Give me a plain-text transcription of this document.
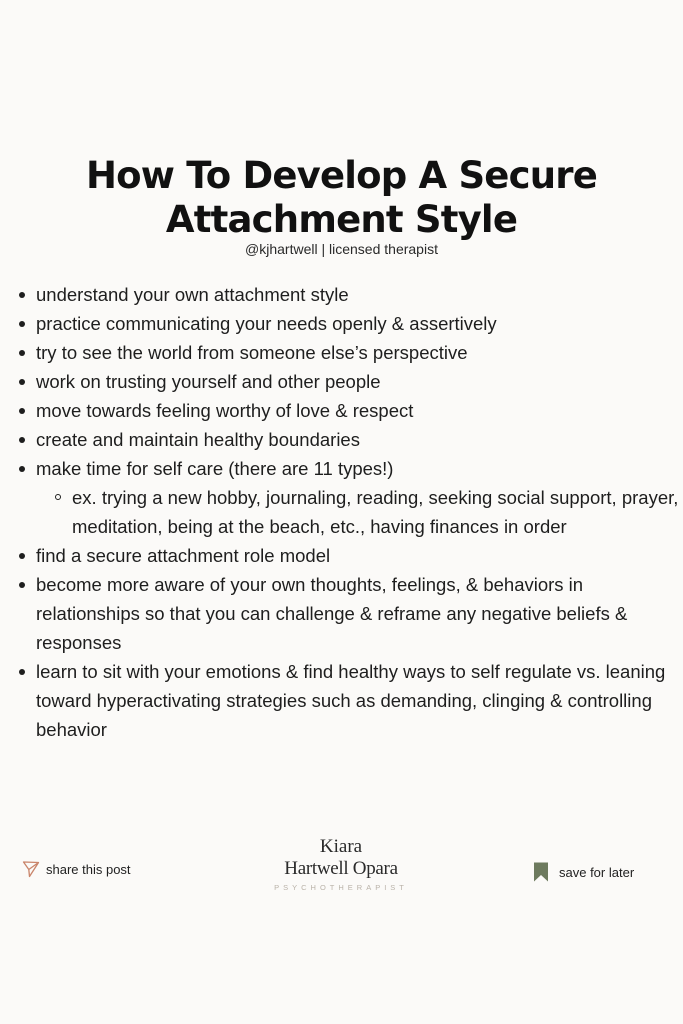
How To Develop A Secure
Attachment Style
@kjhartwell | licensed therapist
understand your own attachment style
practice communicating your needs openly & assertively
try to see the world from someone else’s perspective
work on trusting yourself and other people
move towards feeling worthy of love & respect
create and maintain healthy boundaries
make time for self care (there are 11 types!)
ex. trying a new hobby, journaling, reading, seeking social support, prayer, meditation, being at the beach, etc., having finances in order
find a secure attachment role model
become more aware of your own thoughts, feelings, & behaviors in relationships so that you can challenge & reframe any negative beliefs & responses
learn to sit with your emotions & find healthy ways to self regulate vs. leaning toward hyperactivating strategies such as demanding, clinging & controlling behavior
share this post
Kiara
Hartwell Opara
PSYCHOTHERAPIST
save for later
